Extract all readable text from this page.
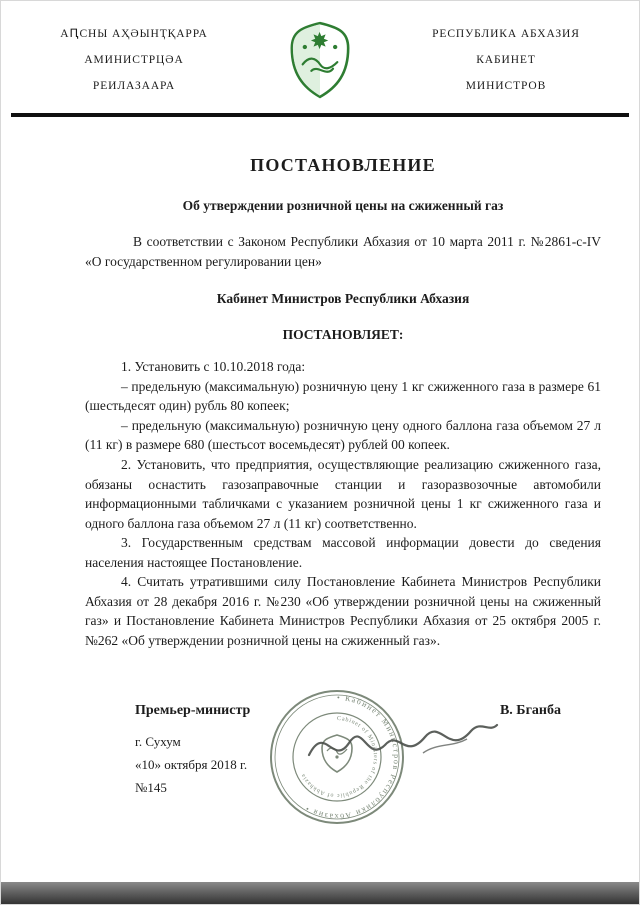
АԤСНЫ АҲӘЫНҬҚАРРА
АМИНИСТРЦӘА
РЕИЛАЗААРА
РЕСПУБЛИКА АБХАЗИЯ
КАБИНЕТ
МИНИСТРОВ
ПОСТАНОВЛЕНИЕ
Об утверждении розничной цены на сжиженный газ

В соответствии с Законом Республики Абхазия от 10 марта 2011 г. №2861-с-IV «О государственном регулировании цен»

Кабинет Министров Республики Абхазия
ПОСТАНОВЛЯЕТ:

1. Установить с 10.10.2018 года:

– предельную (максимальную) розничную цену 1 кг сжиженного газа в размере 61 (шестьдесят один) рубль 80 копеек;

– предельную (максимальную) розничную цену одного баллона газа объемом 27 л (11 кг) в размере 680 (шестьсот восемьдесят) рублей 00 копеек.

2. Установить, что предприятия, осуществляющие реализацию сжиженного газа, обязаны оснастить газозаправочные станции и газоразвозочные автомобили информационными табличками с указанием розничной цены 1 кг сжиженного газа и одного баллона газа объемом 27 л (11 кг) соответственно.

3. Государственным средствам массовой информации довести до сведения населения настоящее Постановление.

4. Считать утратившими силу Постановление Кабинета Министров Республики Абхазия от 28 декабря 2016 г. №230 «Об утверждении розничной цены на сжиженный газ» и Постановление Кабинета Министров Республики Абхазия от 25 октября 2005 г. №262 «Об утверждении розничной цены на сжиженный газ».

Премьер-министр	В. Бганба
г. Сухум
«10» октября 2018 г.
№145
• Кабинет Министров Республики Абхазия •
Cabinet of Ministers of the Republic of Abkhazia
